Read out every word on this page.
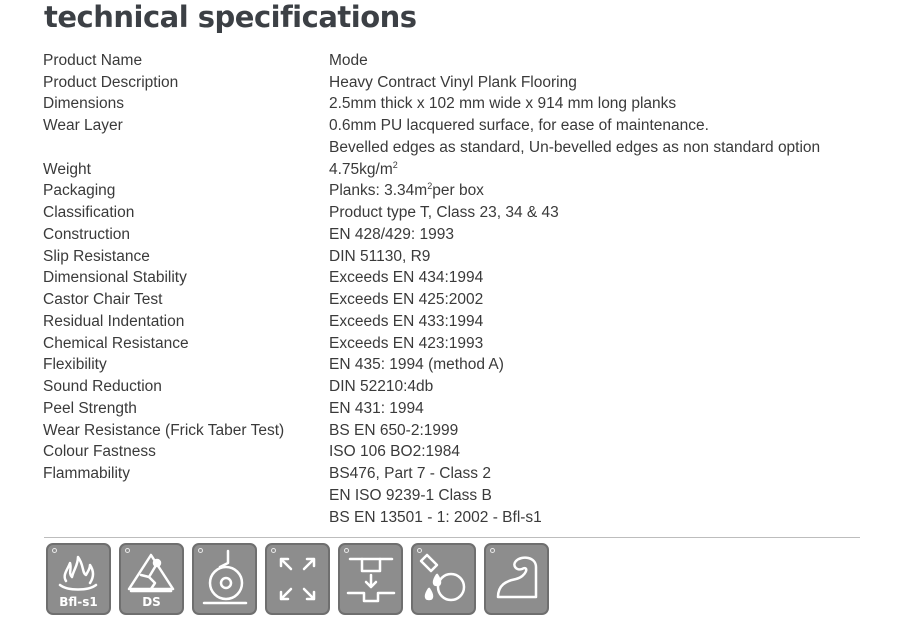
technical specifications
Product Name	Mode
Product Description	Heavy Contract Vinyl Plank Flooring
Dimensions	2.5mm thick x 102 mm wide x 914 mm long planks
Wear Layer	0.6mm PU lacquered surface, for ease of maintenance.
Bevelled edges as standard, Un-bevelled edges as non standard option
Weight	$4.75kg/m^2$
Packaging	Planks: $3.34m^2per$ box
Classification	Product type T, Class 23, 34 & 43
Construction	EN 428/429: 1993
Slip Resistance	DIN 51130, R9
Dimensional Stability	Exceeds EN 434:1994
Castor Chair Test	Exceeds EN 425:2002
Residual Indentation	Exceeds EN 433:1994
Chemical Resistance	Exceeds EN 423:1993
Flexibility	EN 435: 1994 (method A)
Sound Reduction	DIN 52210:4db
Peel Strength	EN 431: 1994
Wear Resistance (Frick Taber Test)	BS EN 650-2:1999
Colour Fastness	ISO 106 BO2:1984
Flammability	BS476, Part 7 - Class 2
EN ISO 9239-1 Class B
BS EN 13501 - 1: 2002 - Bfl-s1
Bfl-s1	DS
